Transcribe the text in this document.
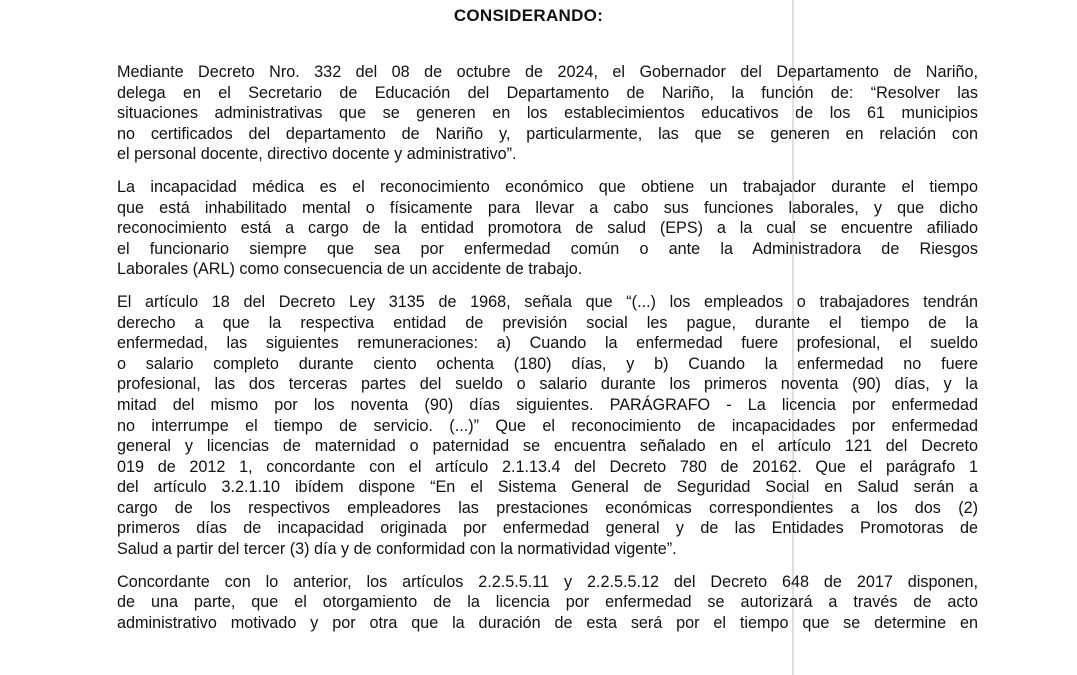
CONSIDERANDO:

Mediante Decreto Nro. 332 del 08 de octubre de 2024, el Gobernador del Departamento de Nariño,
delega en el Secretario de Educación del Departamento de Nariño, la función de: “Resolver las
situaciones administrativas que se generen en los establecimientos educativos de los 61 municipios
no certificados del departamento de Nariño y, particularmente, las que se generen en relación con
el personal docente, directivo docente y administrativo”.

La incapacidad médica es el reconocimiento económico que obtiene un trabajador durante el tiempo
que está inhabilitado mental o físicamente para llevar a cabo sus funciones laborales, y que dicho
reconocimiento está a cargo de la entidad promotora de salud (EPS) a la cual se encuentre afiliado
el funcionario siempre que sea por enfermedad común o ante la Administradora de Riesgos
Laborales (ARL) como consecuencia de un accidente de trabajo.

El artículo 18 del Decreto Ley 3135 de 1968, señala que “(...) los empleados o trabajadores tendrán
derecho a que la respectiva entidad de previsión social les pague, durante el tiempo de la
enfermedad, las siguientes remuneraciones: a) Cuando la enfermedad fuere profesional, el sueldo
o salario completo durante ciento ochenta (180) días, y b) Cuando la enfermedad no fuere
profesional, las dos terceras partes del sueldo o salario durante los primeros noventa (90) días, y la
mitad del mismo por los noventa (90) días siguientes. PARÁGRAFO - La licencia por enfermedad
no interrumpe el tiempo de servicio. (...)” Que el reconocimiento de incapacidades por enfermedad
general y licencias de maternidad o paternidad se encuentra señalado en el artículo 121 del Decreto
019 de 2012 1, concordante con el artículo 2.1.13.4 del Decreto 780 de 20162. Que el parágrafo 1
del artículo 3.2.1.10 ibídem dispone “En el Sistema General de Seguridad Social en Salud serán a
cargo de los respectivos empleadores las prestaciones económicas correspondientes a los dos (2)
primeros días de incapacidad originada por enfermedad general y de las Entidades Promotoras de
Salud a partir del tercer (3) día y de conformidad con la normatividad vigente”.

Concordante con lo anterior, los artículos 2.2.5.5.11 y 2.2.5.5.12 del Decreto 648 de 2017 disponen,
de una parte, que el otorgamiento de la licencia por enfermedad se autorizará a través de acto
administrativo motivado y por otra que la duración de esta será por el tiempo que se determine en
